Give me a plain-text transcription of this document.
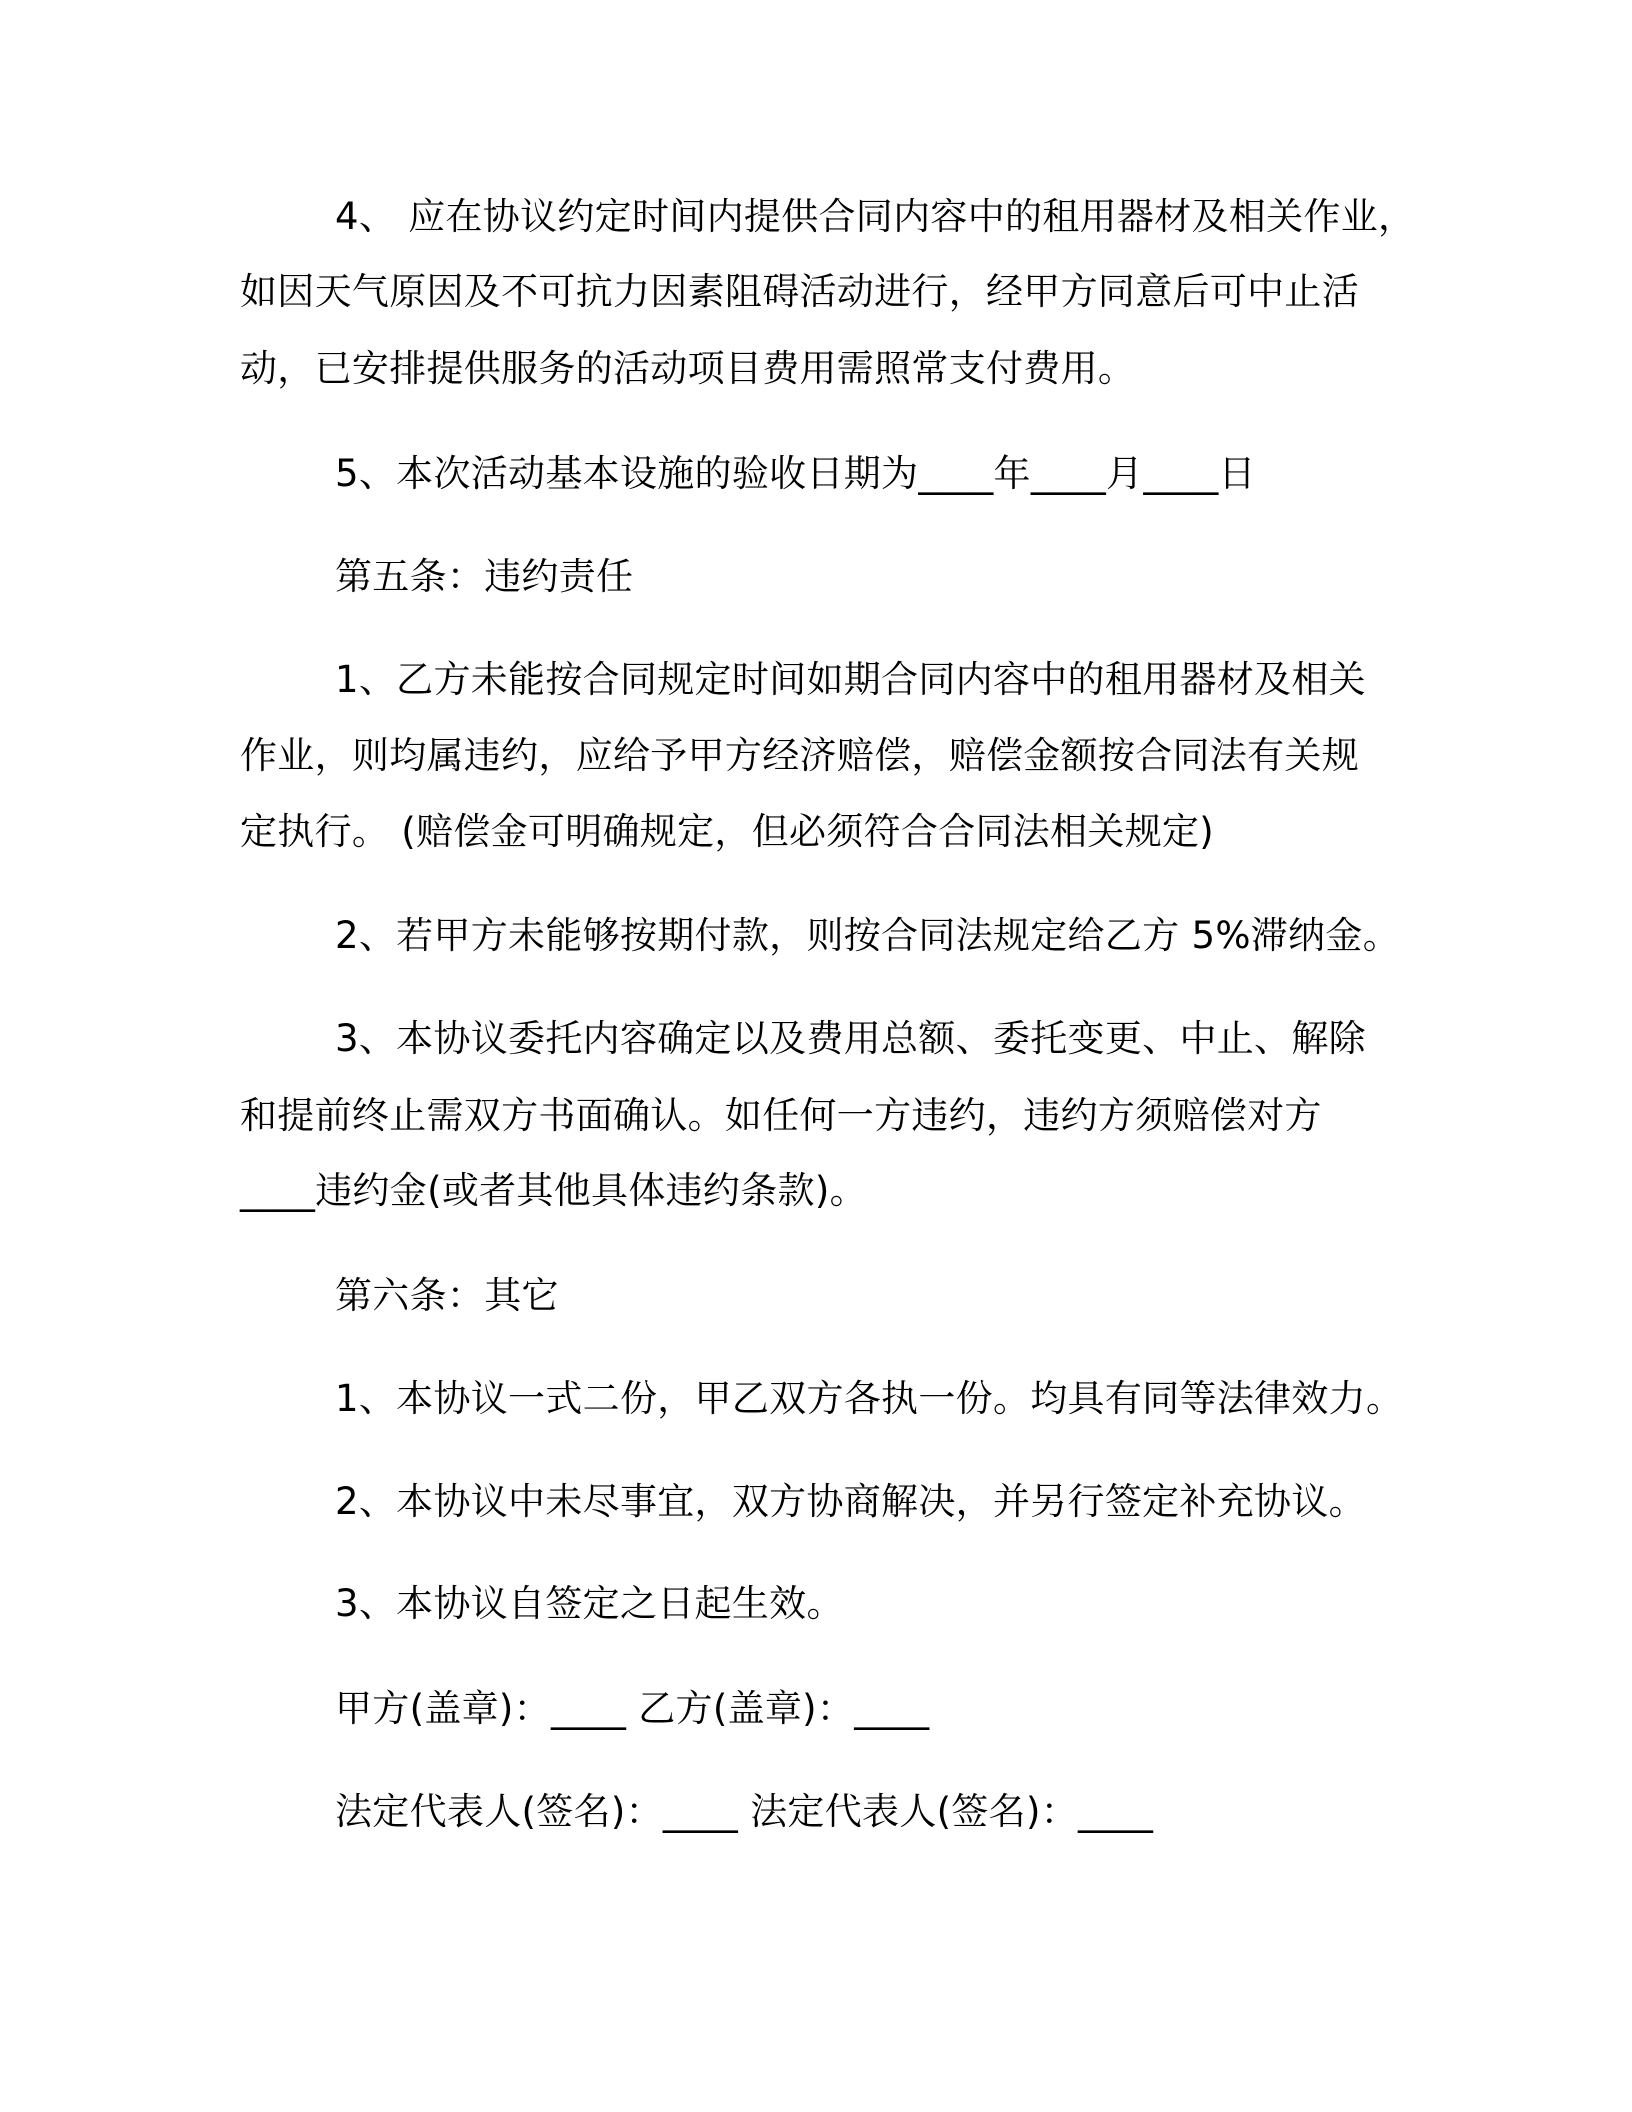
4、 应在协议约定时间内提供合同内容中的租用器材及相关作业，
如因天气原因及不可抗力因素阻碍活动进行，经甲方同意后可中止活
动，已安排提供服务的活动项目费用需照常支付费用。
5、本次活动基本设施的验收日期为____年____月____日
第五条：违约责任
1、乙方未能按合同规定时间如期合同内容中的租用器材及相关
作业，则均属违约，应给予甲方经济赔偿，赔偿金额按合同法有关规
定执行。 (赔偿金可明确规定，但必须符合合同法相关规定)
2、若甲方未能够按期付款，则按合同法规定给乙方 5%滞纳金。
3、本协议委托内容确定以及费用总额、委托变更、中止、解除
和提前终止需双方书面确认。如任何一方违约，违约方须赔偿对方
____违约金(或者其他具体违约条款)。
第六条：其它
1、本协议一式二份，甲乙双方各执一份。均具有同等法律效力。
2、本协议中未尽事宜，双方协商解决，并另行签定补充协议。
3、本协议自签定之日起生效。
甲方(盖章)：____ 乙方(盖章)：____
法定代表人(签名)：____ 法定代表人(签名)：____
